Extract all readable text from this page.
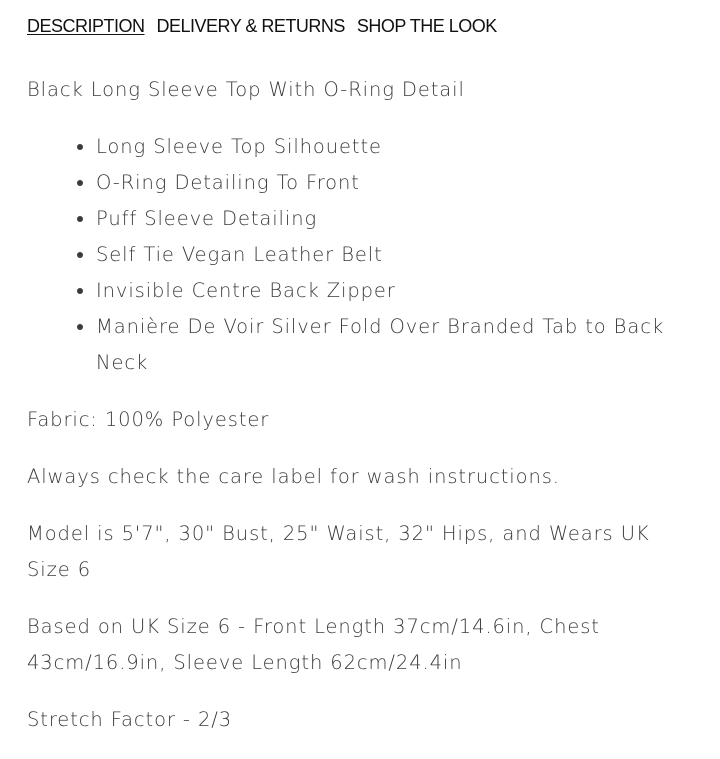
DESCRIPTION DELIVERY & RETURNS SHOP THE LOOK

Black Long Sleeve Top With O-Ring Detail

Long Sleeve Top Silhouette
O-Ring Detailing To Front
Puff Sleeve Detailing
Self Tie Vegan Leather Belt
Invisible Centre Back Zipper
Manière De Voir Silver Fold Over Branded Tab to Back Neck

Fabric: 100% Polyester

Always check the care label for wash instructions.

Model is 5'7", 30" Bust, 25" Waist, 32" Hips, and Wears UK Size 6

Based on UK Size 6 - Front Length 37cm/14.6in, Chest 43cm/16.9in, Sleeve Length 62cm/24.4in

Stretch Factor - 2/3
